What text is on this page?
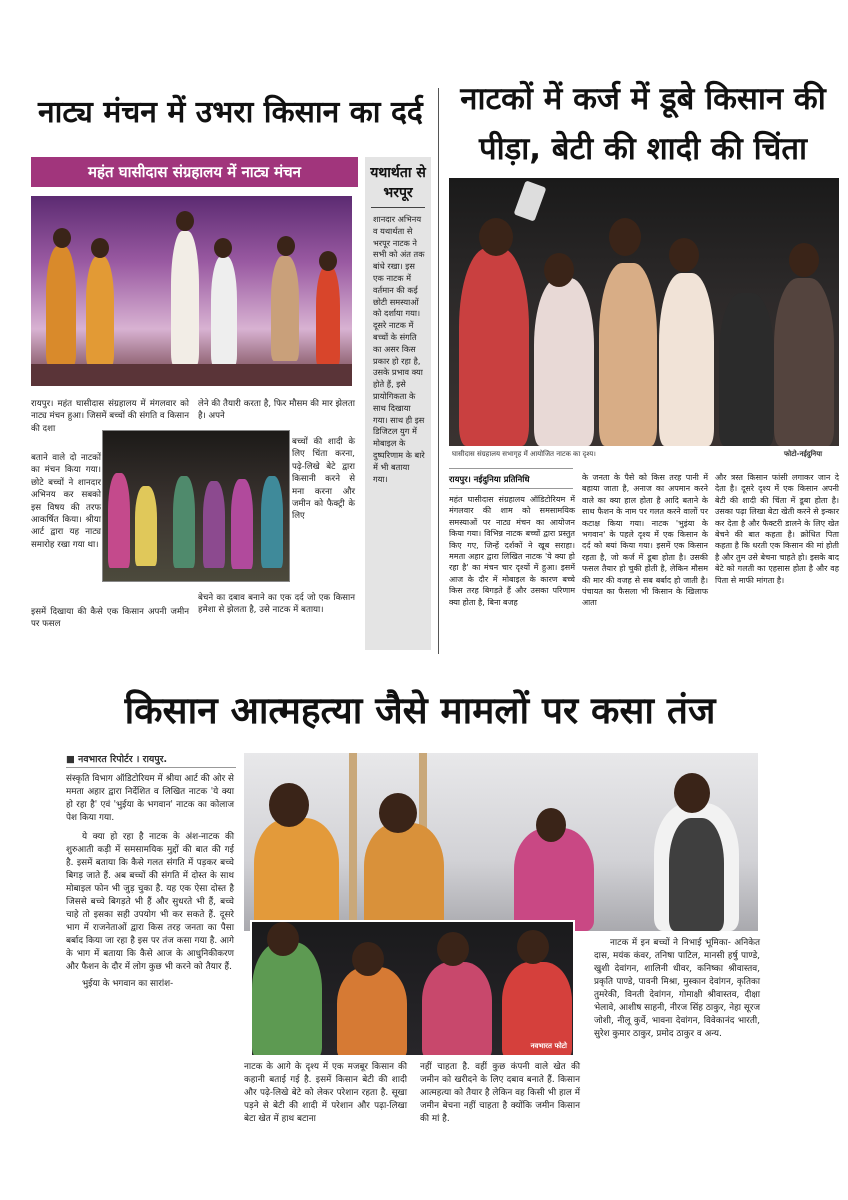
नाट्य मंचन में उभरा किसान का दर्द
महंत घासीदास संग्रहालय में नाट्य मंचन	यथार्थता से भरपूर
शानदार अभिनय व यथार्थता से भरपूर नाटक ने सभी को अंत तक बांधे रखा। इस एक नाटक में वर्तमान की कई छोटी समस्याओं को दर्शाया गया। दूसरे नाटक में बच्चों के संगति का असर किस प्रकार हो रहा है, उसके प्रभाव क्या होते हैं, इसे प्रायोगिकता के साथ दिखाया गया। साथ ही इस डिजिटल युग में मोबाइल के दुष्परिणाम के बारे में भी बताया गया।
रायपुर। महंत घासीदास संग्रहालय में मंगलवार को नाट्य मंचन हुआ। जिसमें बच्चों की संगति व किसान की दशा
बताने वाले दो नाटकों का मंचन किया गया। छोटे बच्चों ने शानदार अभिनय कर सबको इस विषय की तरफ आकर्षित किया। श्रीया आर्ट द्वारा यह नाट्य समारोह रखा गया था।
इसमें दिखाया की कैसे एक किसान अपनी जमीन पर फसल
लेने की तैयारी करता है, फिर मौसम की मार झेलता है। अपने
बच्चों की शादी के लिए चिंता करना, पढ़े-लिखे बेटे द्वारा किसानी करने से मना करना और जमीन को फैक्ट्री के लिए
बेचने का दबाव बनाने का एक दर्द जो एक किसान हमेशा से झेलता है, उसे नाटक में बताया।
नाटकों में कर्ज में डूबे किसान की
पीड़ा, बेटी की शादी की चिंता
घासीदास संग्रहालय सभागृह में आयोजित नाटक का दृश्य।	फोटो-नईदुनिया
रायपुर। नईदुनिया प्रतिनिधि
महंत घासीदास संग्रहालय ऑडिटोरियम में मंगलवार की शाम को समसामयिक समस्याओं पर नाट्य मंचन का आयोजन किया गया। विभिन्न नाटक बच्चों द्वारा प्रस्तुत किए गए, जिन्हें दर्शकों ने खूब सराहा। ममता अहार द्वारा लिखित नाटक 'ये क्या हो रहा है' का मंचन चार दृश्यों में हुआ। इसमें आज के दौर में मोबाइल के कारण बच्चे किस तरह बिगड़ते हैं और उसका परिणाम क्या होता है, बिना बजह
के जनता के पैसे को किस तरह पानी में बहाया जाता है, अनाज का अपमान करने वाले का क्या हाल होता है आदि बताने के साथ फैशन के नाम पर गलत करने वालों पर कटाक्ष किया गया। नाटक 'भुइंया के भगवान' के पहले दृश्य में एक किसान के दर्द को बयां किया गया। इसमें एक किसान रहता है, जो कर्ज में डूबा होता है। उसकी फसल तैयार हो चुकी होती है, लेकिन मौसम की मार की वजह से सब बर्बाद हो जाती है। पंचायत का फैसला भी किसान के खिलाफ आता
और त्रस्त किसान फांसी लगाकर जान दे देता है। दूसरे दृश्य में एक किसान अपनी बेटी की शादी की चिंता में डूबा होता है। उसका पढ़ा लिखा बेटा खेती करने से इन्कार कर देता है और फैक्टरी डालने के लिए खेत बेचने की बात कहता है। क्रोधित पिता कहता है कि धरती एक किसान की मां होती है और तुम उसे बेचना चाहते हो। इसके बाद बेटे को गलती का एहसास होता है और वह पिता से माफी मांगता है।
किसान आत्महत्या जैसे मामलों पर कसा तंज
■ नवभारत रिपोर्टर । रायपुर.
संस्कृति विभाग ऑडिटोरियम में श्रीया आर्ट की ओर से ममता अहार द्वारा निर्देशित व लिखित नाटक 'ये क्या हो रहा है' एवं 'भुईया के भगवान' नाटक का कोलाज पेश किया गया.
ये क्या हो रहा है नाटक के अंश-नाटक की शुरुआती कड़ी में समसामयिक मुद्दों की बात की गई है. इसमें बताया कि कैसे गलत संगति में पड़कर बच्चे बिगड़ जाते हैं. अब बच्चों की संगति में दोस्त के साथ मोबाइल फोन भी जुड़ चुका है. यह एक ऐसा दोस्त है जिससे बच्चे बिगड़ते भी हैं और सुधरते भी हैं, बच्चे चाहे तो इसका सही उपयोग भी कर सकते हैं. दूसरे भाग में राजनेताओं द्वारा किस तरह जनता का पैसा बर्बाद किया जा रहा है इस पर तंज कसा गया है. आगे के भाग में बताया कि कैसे आज के आधुनिकीकरण और फैशन के दौर में लोग कुछ भी करने को तैयार हैं.
भुईया के भगवान का सारांश-
नवभारत फोटो
नाटक के आगे के दृश्य में एक मजबूर किसान की कहानी बताई गई है. इसमें किसान बेटी की शादी और पढ़े-लिखे बेटे को लेकर परेशान रहता है. सूखा पड़ने से बेटी की शादी में परेशान और पढ़ा-लिखा बेटा खेत में हाथ बटाना
नहीं चाहता है. वहीं कुछ कंपनी वाले खेत की जमीन को खरीदने के लिए दबाव बनाते हैं. किसान आत्महत्या को तैयार है लेकिन वह किसी भी हाल में जमीन बेचना नहीं चाहता है क्योंकि जमीन किसान की मां है.
नाटक में इन बच्चों ने निभाई भूमिका- अनिकेत दास, मयंक कंवर, तनिषा पाटिल, मानसी हर्षु पाण्डे, खुशी देवांगन, शालिनी धीवर, कनिष्का श्रीवास्तव, प्रकृति पाण्डे, पावनी मिश्रा, मुस्कान देवांगन, कृतिका तुमरेकी, विनती देवांगन, गोमाक्षी श्रीवास्तव, दीक्षा भेलावे, आशीष साहनी, नीरज सिंह ठाकुर, नेहा सूरज जोशी, नीलू कुर्वे, भावना देवांगन, विवेकानंद भारती, सुरेश कुमार ठाकुर, प्रमोद ठाकुर व अन्य.
